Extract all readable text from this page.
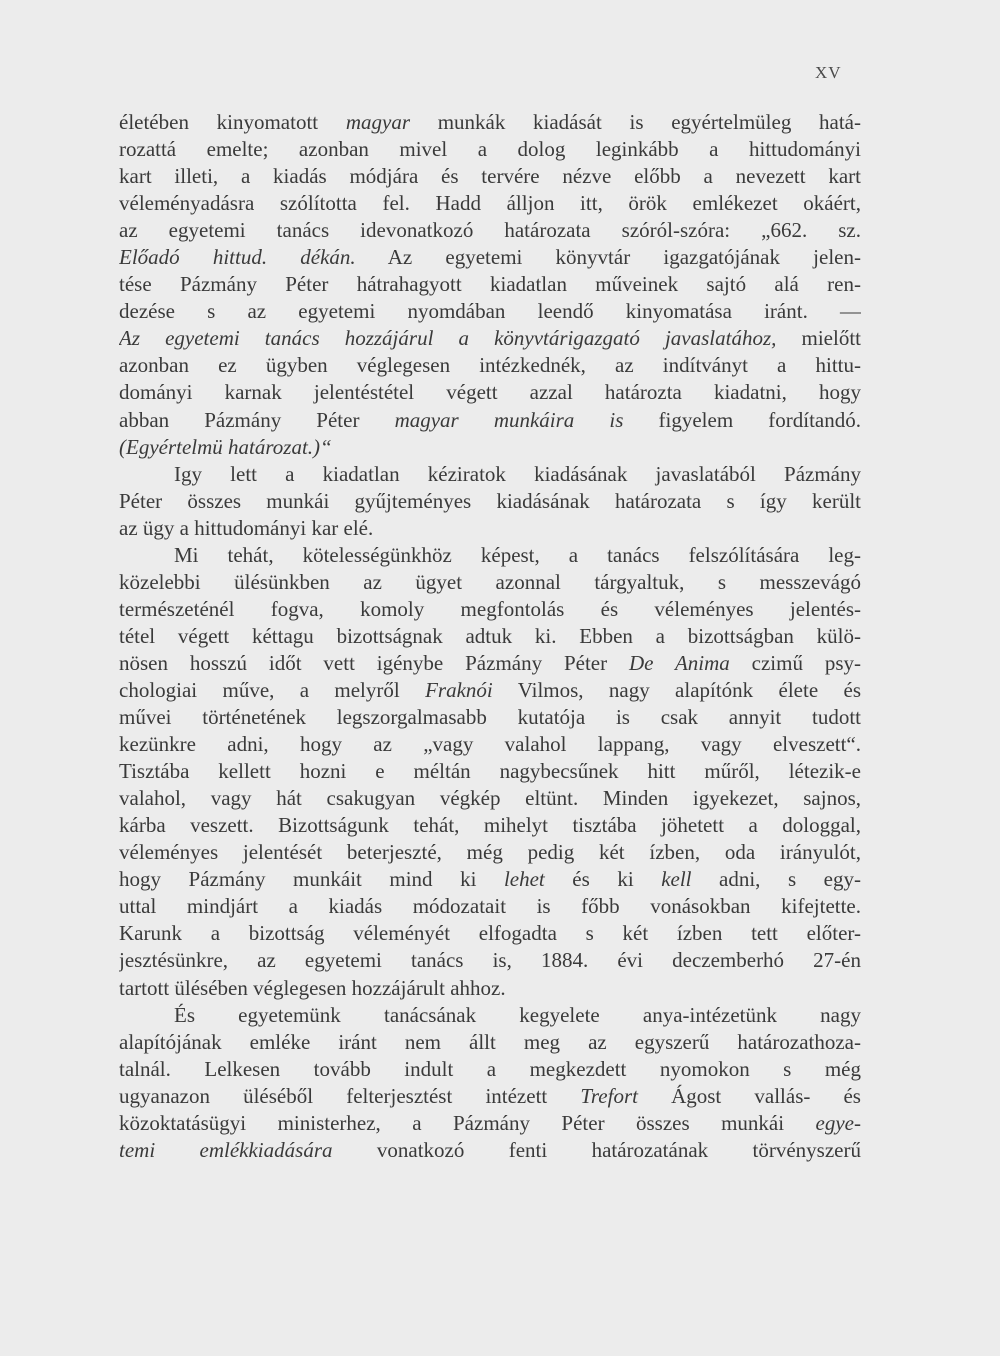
XV
életében kinyomatott magyar munkák kiadását is egyértelmüleg hatá-
rozattá emelte; azonban mivel a dolog leginkább a hittudományi
kart illeti, a kiadás módjára és tervére nézve előbb a nevezett kart
véleményadásra szólította fel. Hadd álljon itt, örök emlékezet okáért,
az egyetemi tanács idevonatkozó határozata szóról-szóra: „662. sz.
Előadó hittud. dékán. Az egyetemi könyvtár igazgatójának jelen-
tése Pázmány Péter hátrahagyott kiadatlan műveinek sajtó alá ren-
dezése s az egyetemi nyomdában leendő kinyomatása iránt. —
Az egyetemi tanács hozzájárul a könyvtárigazgató javaslatához, mielőtt
azonban ez ügyben véglegesen intézkednék, az indítványt a hittu-
dományi karnak jelentéstétel végett azzal határozta kiadatni, hogy
abban Pázmány Péter magyar munkáira is figyelem fordítandó.
(Egyértelmü határozat.)“
Igy lett a kiadatlan kéziratok kiadásának javaslatából Pázmány
Péter összes munkái gyűjteményes kiadásának határozata s így került
az ügy a hittudományi kar elé.
Mi tehát, kötelességünkhöz képest, a tanács felszólítására leg-
közelebbi ülésünkben az ügyet azonnal tárgyaltuk, s messzevágó
természeténél fogva, komoly megfontolás és véleményes jelentés-
tétel végett kéttagu bizottságnak adtuk ki. Ebben a bizottságban külö-
nösen hosszú időt vett igénybe Pázmány Péter De Anima czimű psy-
chologiai műve, a melyről Fraknói Vilmos, nagy alapítónk élete és
művei történetének legszorgalmasabb kutatója is csak annyit tudott
kezünkre adni, hogy az „vagy valahol lappang, vagy elveszett“.
Tisztába kellett hozni e méltán nagybecsűnek hitt műről, létezik-e
valahol, vagy hát csakugyan végkép eltünt. Minden igyekezet, sajnos,
kárba veszett. Bizottságunk tehát, mihelyt tisztába jöhetett a dologgal,
véleményes jelentését beterjeszté, még pedig két ízben, oda irányulót,
hogy Pázmány munkáit mind ki lehet és ki kell adni, s egy-
uttal mindjárt a kiadás módozatait is főbb vonásokban kifejtette.
Karunk a bizottság véleményét elfogadta s két ízben tett előter-
jesztésünkre, az egyetemi tanács is, 1884. évi deczemberhó 27-én
tartott ülésében véglegesen hozzájárult ahhoz.
És egyetemünk tanácsának kegyelete anya-intézetünk nagy
alapítójának emléke iránt nem állt meg az egyszerű határozathoza-
talnál. Lelkesen tovább indult a megkezdett nyomokon s még
ugyanazon üléséből felterjesztést intézett Trefort Ágost vallás- és
közoktatásügyi ministerhez, a Pázmány Péter összes munkái egye-
temi emlékkiadására vonatkozó fenti határozatának törvényszerű
